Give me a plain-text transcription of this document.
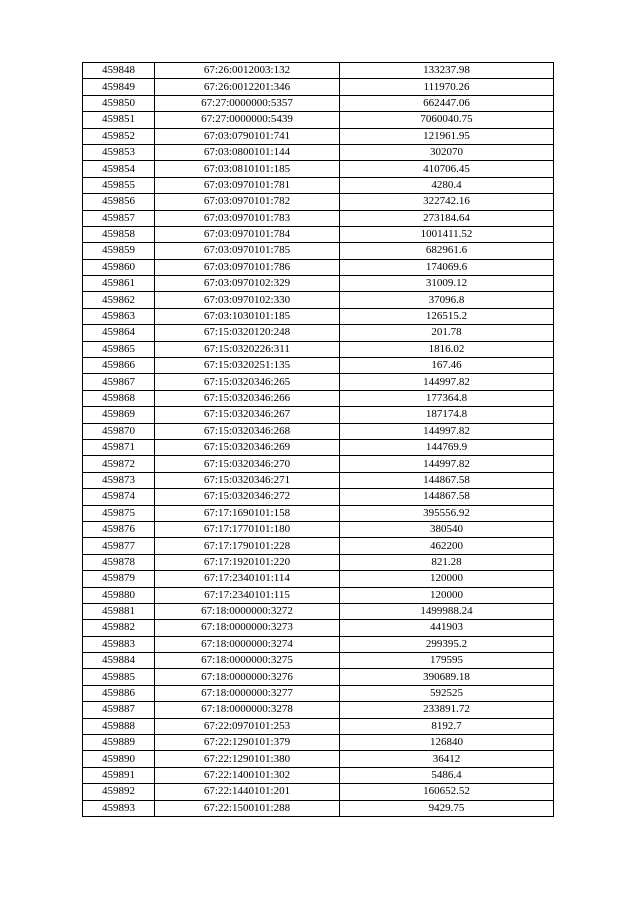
459848	67:26:0012003:132	133237.98
459849	67:26:0012201:346	111970.26
459850	67:27:0000000:5357	662447.06
459851	67:27:0000000:5439	7060040.75
459852	67:03:0790101:741	121961.95
459853	67:03:0800101:144	302070
459854	67:03:0810101:185	410706.45
459855	67:03:0970101:781	4280.4
459856	67:03:0970101:782	322742.16
459857	67:03:0970101:783	273184.64
459858	67:03:0970101:784	1001411.52
459859	67:03:0970101:785	682961.6
459860	67:03:0970101:786	174069.6
459861	67:03:0970102:329	31009.12
459862	67:03:0970102:330	37096.8
459863	67:03:1030101:185	126515.2
459864	67:15:0320120:248	201.78
459865	67:15:0320226:311	1816.02
459866	67:15:0320251:135	167.46
459867	67:15:0320346:265	144997.82
459868	67:15:0320346:266	177364.8
459869	67:15:0320346:267	187174.8
459870	67:15:0320346:268	144997.82
459871	67:15:0320346:269	144769.9
459872	67:15:0320346:270	144997.82
459873	67:15:0320346:271	144867.58
459874	67:15:0320346:272	144867.58
459875	67:17:1690101:158	395556.92
459876	67:17:1770101:180	380540
459877	67:17:1790101:228	462200
459878	67:17:1920101:220	821.28
459879	67:17:2340101:114	120000
459880	67:17:2340101:115	120000
459881	67:18:0000000:3272	1499988.24
459882	67:18:0000000:3273	441903
459883	67:18:0000000:3274	299395.2
459884	67:18:0000000:3275	179595
459885	67:18:0000000:3276	390689.18
459886	67:18:0000000:3277	592525
459887	67:18:0000000:3278	233891.72
459888	67:22:0970101:253	8192.7
459889	67:22:1290101:379	126840
459890	67:22:1290101:380	36412
459891	67:22:1400101:302	5486.4
459892	67:22:1440101:201	160652.52
459893	67:22:1500101:288	9429.75
